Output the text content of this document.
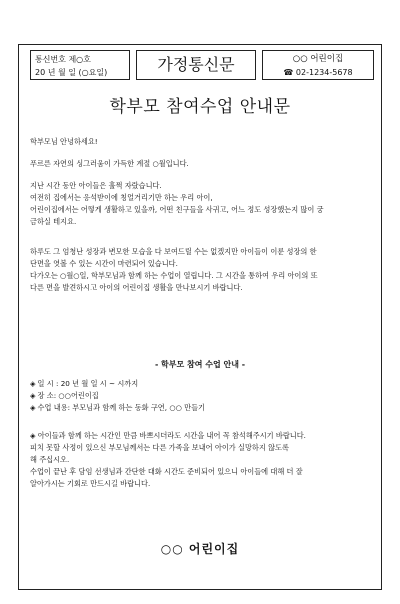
통신번호 제○호
20 년 월 일 (○요일)	가정통신문	○○ 어린이집
☎ 02-1234-5678
학부모 참여수업 안내문

학부모님 안녕하세요!

푸르른 자연의 싱그러움이 가득한 계절 ○월입니다.

지난 시간 동안 아이들은 훌쩍 자랐습니다.

여전히 집에서는 응석받이에 칭얼거리기만 하는 우리 아이,

어린이집에서는 어떻게 생활하고 있을까, 어떤 친구들을 사귀고, 어느 정도 성장했는지 많이 궁

금하실 테지요.

하루도 그 엄청난 성장과 변모한 모습을 다 보여드릴 수는 없겠지만 아이들이 이룬 성장의 한

단면을 엿볼 수 있는 시간이 마련되어 있습니다.

다가오는 ○월○일, 학부모님과 함께 하는 수업이 열립니다. 그 시간을 통하여 우리 아이의 또

다른 면을 발견하시고 아이의 어린이집 생활을 만나보시기 바랍니다.

- 학부모 참여 수업 안내 -
◈ 일 시 : 20 년 월 일 시 ~ 시까지
◈ 장 소: ○○어린이집
◈ 수업 내용: 부모님과 함께 하는 동화 구연, ○○ 만들기

◈ 아이들과 함께 하는 시간인 만큼 바쁘시더라도 시간을 내어 꼭 참석해주시기 바랍니다.

피치 못할 사정이 있으신 부모님께서는 다른 가족을 보내어 아이가 실망하지 않도록

해 주십시오.

수업이 끝난 후 담임 선생님과 간단한 대화 시간도 준비되어 있으니 아이들에 대해 더 잘

알아가시는 기회로 만드시길 바랍니다.

○○ 어린이집
